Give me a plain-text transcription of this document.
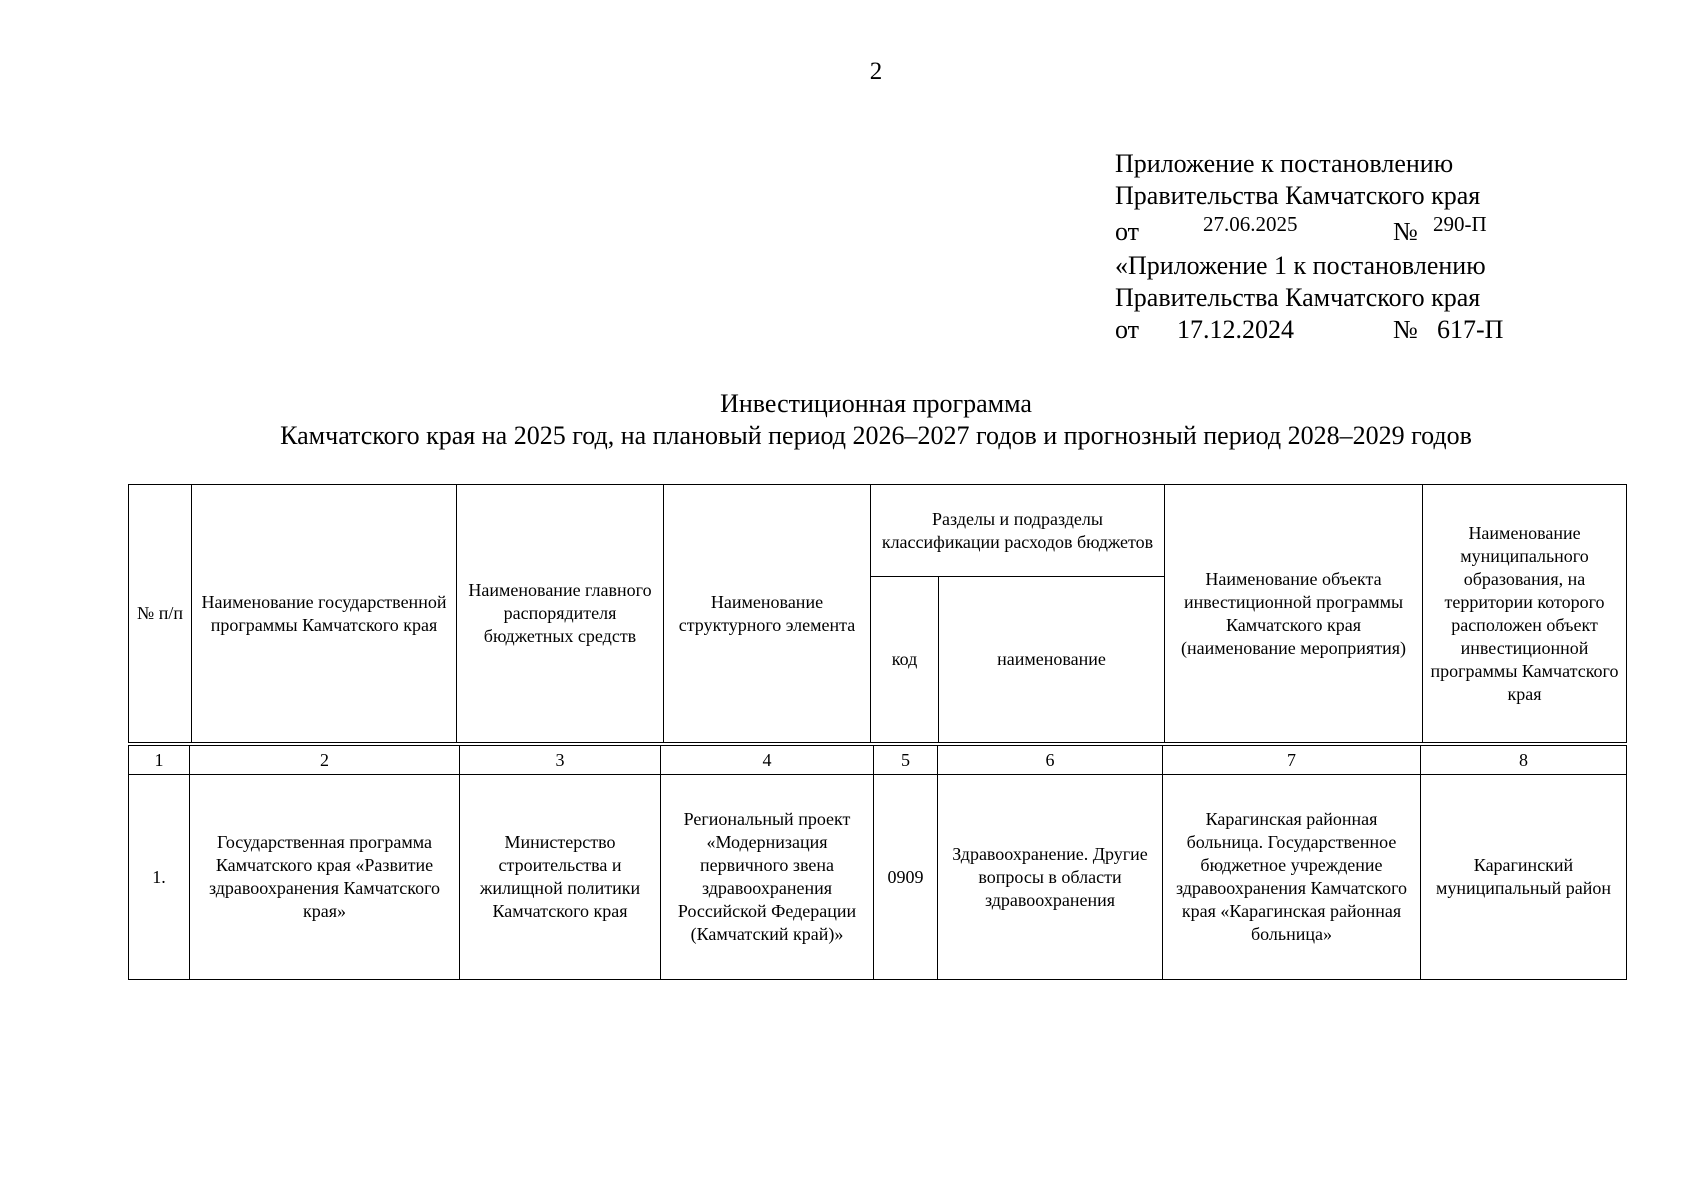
2
Приложение к постановлению
Правительства Камчатского края
от	27.06.2025	№ 290-П
«Приложение 1 к постановлению
Правительства Камчатского края
от 17.12.2024	№ 617-П
Инвестиционная программа
Камчатского края на 2025 год, на плановый период 2026–2027 годов и прогнозный период 2028–2029 годов
№ п/п	Наименование государственной программы Камчатского края	Наименование главного распорядителя бюджетных средств	Наименование структурного элемента	Разделы и подразделы классификации расходов бюджетов		Наименование объекта инвестиционной программы Камчатского края (наименование мероприятия)	Наименование муниципального образования, на территории которого расположен объект инвестиционной программы Камчатского края
				код	наименование		
1	2	3	4	5	6	7	8
1.	Государственная программа Камчатского края «Развитие здравоохранения Камчатского края»	Министерство строительства и жилищной политики Камчатского края	Региональный проект «Модернизация первичного звена здравоохранения Российской Федерации (Камчатский край)»	0909	Здравоохранение. Другие вопросы в области здравоохранения	Карагинская районная больница. Государственное бюджетное учреждение здравоохранения Камчатского края «Карагинская районная больница»	Карагинский муниципальный район
